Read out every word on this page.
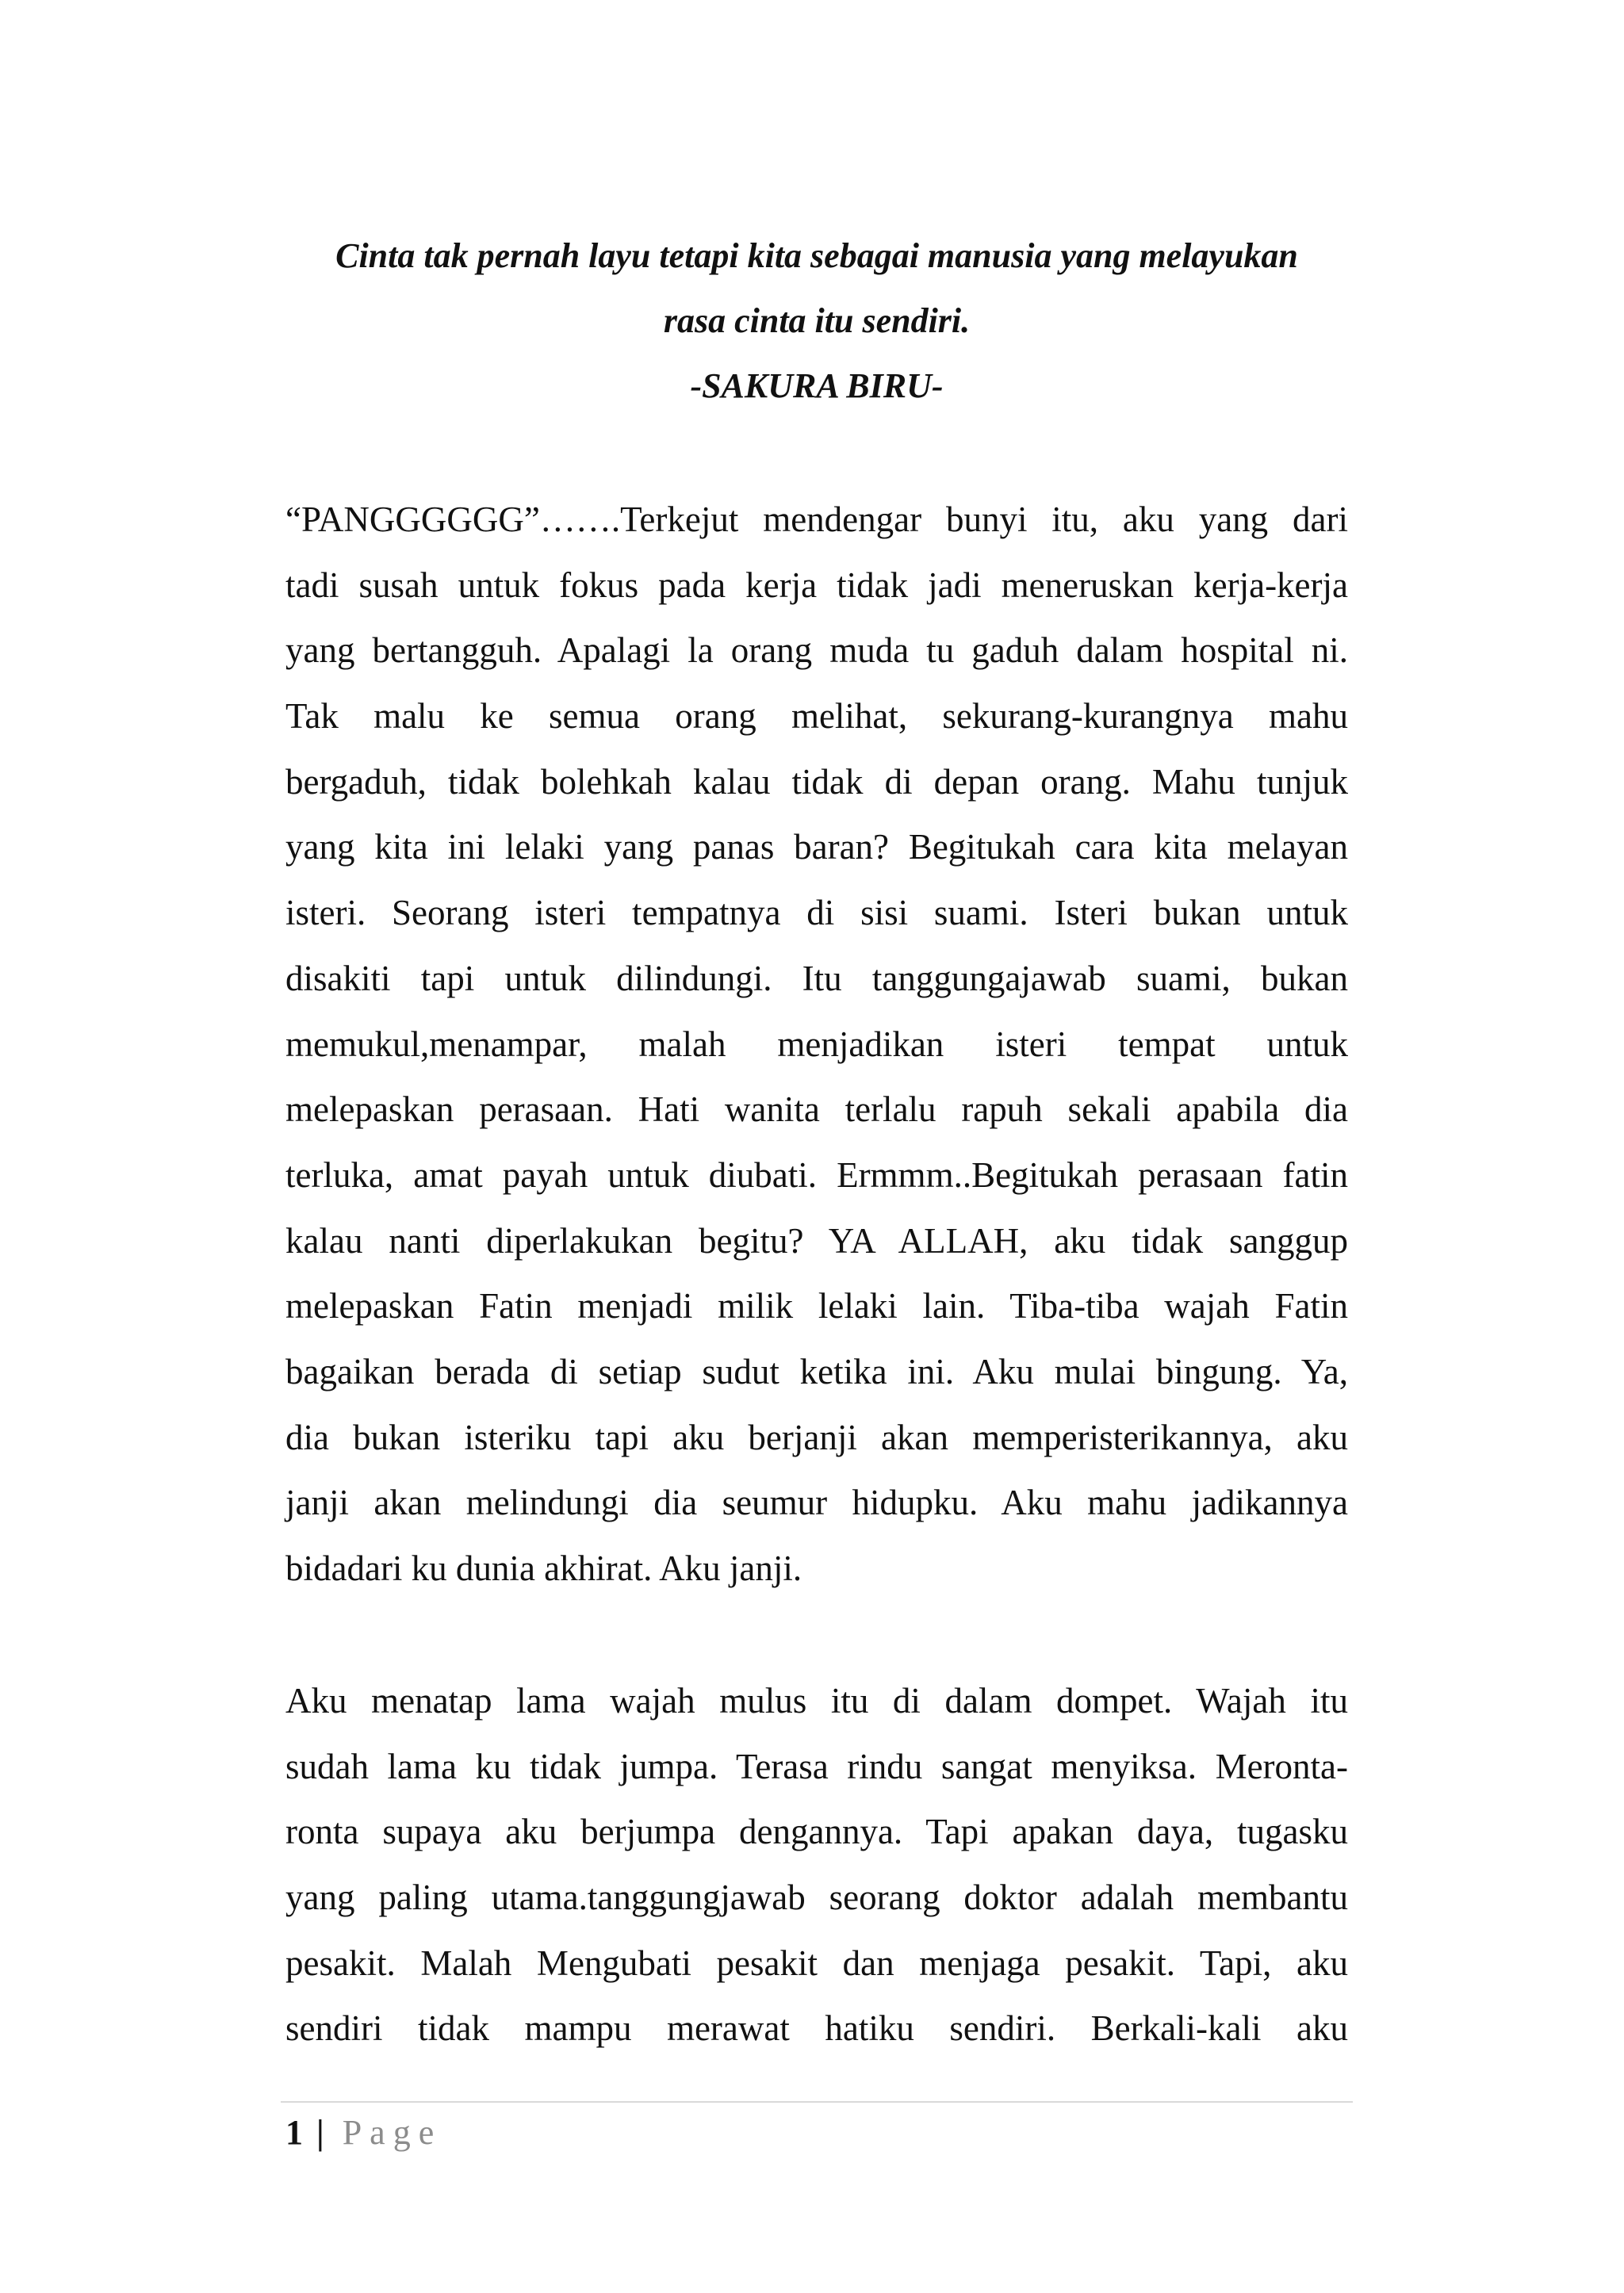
Cinta tak pernah layu tetapi kita sebagai manusia yang melayukan
rasa cinta itu sendiri.
-SAKURA BIRU-
“PANGGGGGG”…….Terkejut mendengar bunyi itu, aku yang dari
tadi susah untuk fokus pada kerja tidak jadi meneruskan kerja-kerja
yang bertangguh. Apalagi la orang muda tu gaduh dalam hospital ni.
Tak malu ke semua orang melihat, sekurang-kurangnya mahu
bergaduh, tidak bolehkah kalau tidak di depan orang. Mahu tunjuk
yang kita ini lelaki yang panas baran? Begitukah cara kita melayan
isteri. Seorang isteri tempatnya di sisi suami. Isteri bukan untuk
disakiti tapi untuk dilindungi. Itu tanggungajawab suami, bukan
memukul,menampar, malah menjadikan isteri tempat untuk
melepaskan perasaan. Hati wanita terlalu rapuh sekali apabila dia
terluka, amat payah untuk diubati. Ermmm..Begitukah perasaan fatin
kalau nanti diperlakukan begitu? YA ALLAH, aku tidak sanggup
melepaskan Fatin menjadi milik lelaki lain. Tiba-tiba wajah Fatin
bagaikan berada di setiap sudut ketika ini. Aku mulai bingung. Ya,
dia bukan isteriku tapi aku berjanji akan memperisterikannya, aku
janji akan melindungi dia seumur hidupku. Aku mahu jadikannya
bidadari ku dunia akhirat. Aku janji.
Aku menatap lama wajah mulus itu di dalam dompet. Wajah itu
sudah lama ku tidak jumpa. Terasa rindu sangat menyiksa. Meronta-
ronta supaya aku berjumpa dengannya. Tapi apakan daya, tugasku
yang paling utama.tanggungjawab seorang doktor adalah membantu
pesakit. Malah Mengubati pesakit dan menjaga pesakit. Tapi, aku
sendiri tidak mampu merawat hatiku sendiri. Berkali-kali aku
1 | Page
